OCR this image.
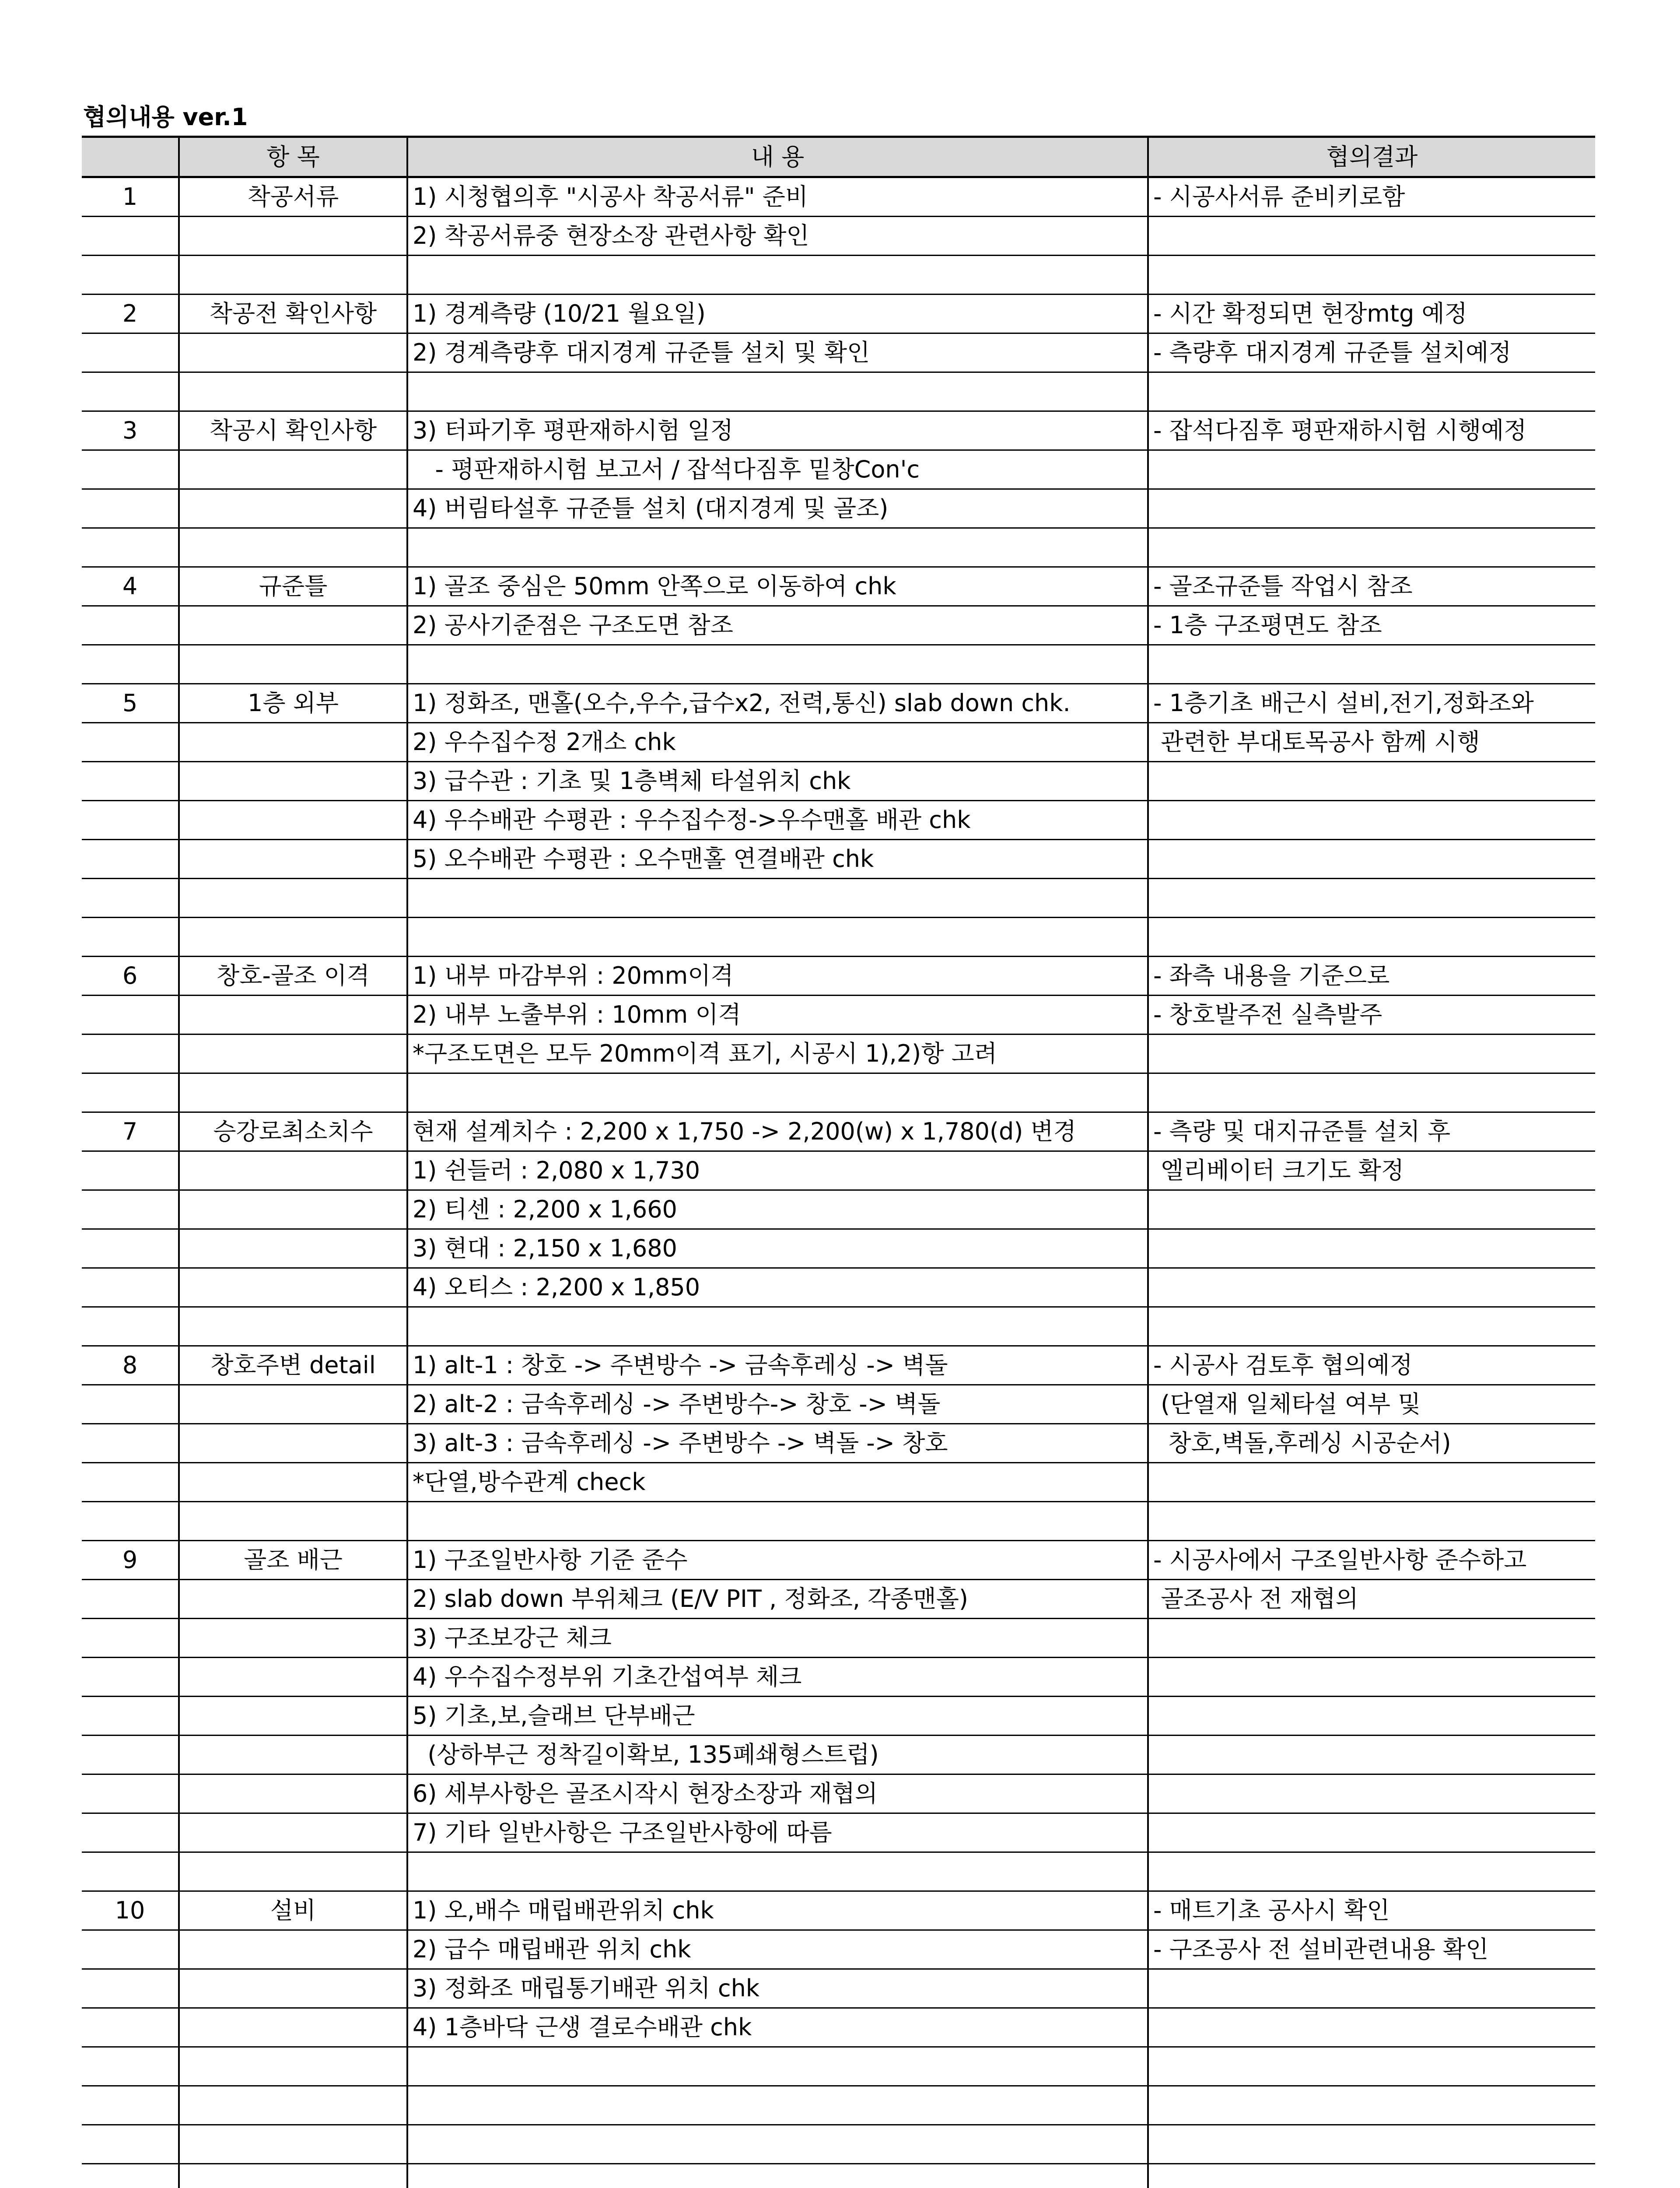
협의내용 ver.1
	항 목	내 용	협의결과
1	착공서류	1) 시청협의후 "시공사 착공서류" 준비	- 시공사서류 준비키로함
		2) 착공서류중 현장소장 관련사항 확인	

2	착공전 확인사항	1) 경계측량 (10/21 월요일)	- 시간 확정되면 현장mtg 예정
		2) 경계측량후 대지경계 규준틀 설치 및 확인	- 측량후 대지경계 규준틀 설치예정

3	착공시 확인사항	3) 터파기후 평판재하시험 일정	- 잡석다짐후 평판재하시험 시행예정
		- 평판재하시험 보고서 / 잡석다짐후 밑창Con'c	
		4) 버림타설후 규준틀 설치 (대지경계 및 골조)	

4	규준틀	1) 골조 중심은 50mm 안쪽으로 이동하여 chk	- 골조규준틀 작업시 참조
		2) 공사기준점은 구조도면 참조	- 1층 구조평면도 참조

5	1층 외부	1) 정화조, 맨홀(오수,우수,급수x2, 전력,통신) slab down chk.	- 1층기초 배근시 설비,전기,정화조와
		2) 우수집수정 2개소 chk	관련한 부대토목공사 함께 시행
		3) 급수관 : 기초 및 1층벽체 타설위치 chk	
		4) 우수배관 수평관 : 우수집수정->우수맨홀 배관 chk	
		5) 오수배관 수평관 : 오수맨홀 연결배관 chk	

6	창호-골조 이격	1) 내부 마감부위 : 20mm이격	- 좌측 내용을 기준으로
		2) 내부 노출부위 : 10mm 이격	- 창호발주전 실측발주
		*구조도면은 모두 20mm이격 표기, 시공시 1),2)항 고려	

7	승강로최소치수	현재 설계치수 : 2,200 x 1,750 -> 2,200(w) x 1,780(d) 변경	- 측량 및 대지규준틀 설치 후
		1) 쉰들러 : 2,080 x 1,730	엘리베이터 크기도 확정
		2) 티센 : 2,200 x 1,660	
		3) 현대 : 2,150 x 1,680	
		4) 오티스 : 2,200 x 1,850	

8	창호주변 detail	1) alt-1 : 창호 -> 주변방수 -> 금속후레싱 -> 벽돌	- 시공사 검토후 협의예정
		2) alt-2 : 금속후레싱 -> 주변방수-> 창호 -> 벽돌	(단열재 일체타설 여부 및
		3) alt-3 : 금속후레싱 -> 주변방수 -> 벽돌 -> 창호	창호,벽돌,후레싱 시공순서)
		*단열,방수관계 check	

9	골조 배근	1) 구조일반사항 기준 준수	- 시공사에서 구조일반사항 준수하고
		2) slab down 부위체크 (E/V PIT , 정화조, 각종맨홀)	골조공사 전 재협의
		3) 구조보강근 체크	
		4) 우수집수정부위 기초간섭여부 체크	
		5) 기초,보,슬래브 단부배근	
		(상하부근 정착길이확보, 135폐쇄형스트럽)	
		6) 세부사항은 골조시작시 현장소장과 재협의	
		7) 기타 일반사항은 구조일반사항에 따름	

10	설비	1) 오,배수 매립배관위치 chk	- 매트기초 공사시 확인
		2) 급수 매립배관 위치 chk	- 구조공사 전 설비관련내용 확인
		3) 정화조 매립통기배관 위치 chk	
		4) 1층바닥 근생 결로수배관 chk	
